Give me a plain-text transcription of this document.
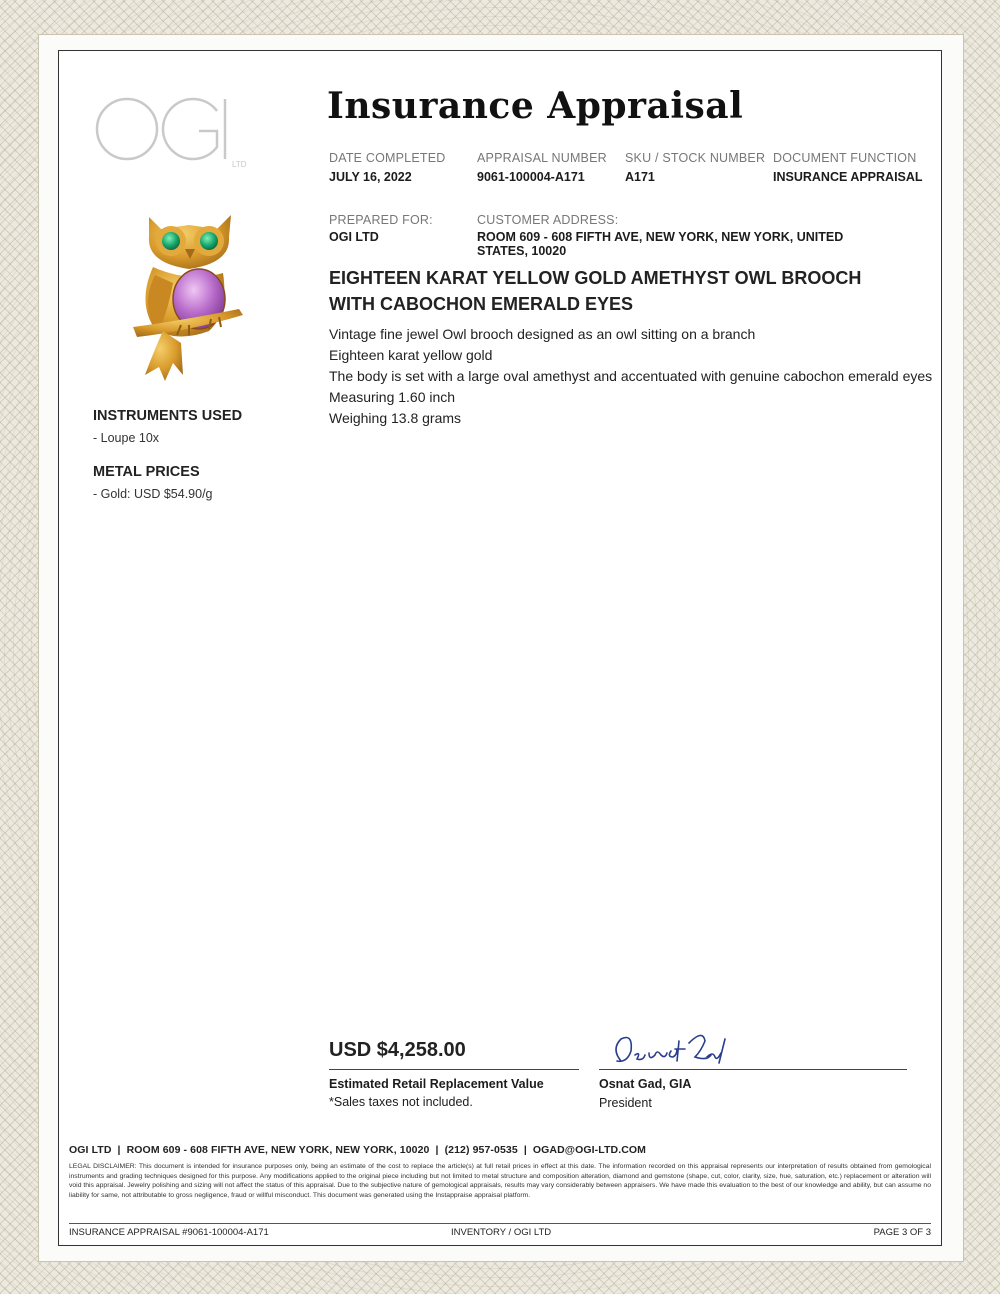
LTD
Insurance Appraisal
DATE COMPLETED
JULY 16, 2022
APPRAISAL NUMBER
9061-100004-A171
SKU / STOCK NUMBER
A171
DOCUMENT FUNCTION
INSURANCE APPRAISAL
PREPARED FOR:
OGI LTD
CUSTOMER ADDRESS:
ROOM 609 - 608 FIFTH AVE, NEW YORK, NEW YORK, UNITED
STATES, 10020
EIGHTEEN KARAT YELLOW GOLD AMETHYST OWL BROOCH WITH CABOCHON EMERALD EYES
Vintage fine jewel Owl brooch designed as an owl sitting on a branch
Eighteen karat yellow gold
The body is set with a large oval amethyst and accentuated with genuine cabochon emerald eyes
Measuring 1.60 inch
Weighing 13.8 grams
INSTRUMENTS USED
- Loupe 10x
METAL PRICES
- Gold: USD $54.90/g
USD $4,258.00
Estimated Retail Replacement Value
*Sales taxes not included.
Osnat Gad, GIA
President
OGI LTD  |  ROOM 609 - 608 FIFTH AVE, NEW YORK, NEW YORK, 10020  |  (212) 957-0535  |  OGAD@OGI-LTD.COM
LEGAL DISCLAIMER: This document is intended for insurance purposes only, being an estimate of the cost to replace the article(s) at full retail prices in effect at this date. The information recorded on this appraisal represents our interpretation of results obtained from gemological instruments and grading techniques designed for this purpose. Any modifications applied to the original piece including but not limited to metal structure and composition alteration, diamond and gemstone (shape, cut, color, clarity, size, hue, saturation, etc.) replacement or alteration will void this appraisal. Jewelry polishing and sizing will not affect the status of this appraisal. Due to the subjective nature of gemological appraisals, results may vary considerably between appraisers. We have made this evaluation to the best of our knowledge and ability, but can assume no liability for same, not attributable to gross negligence, fraud or willful misconduct. This document was generated using the Instappraise appraisal platform.
INSURANCE APPRAISAL #9061-100004-A171	INVENTORY / OGI LTD	PAGE 3 OF 3
